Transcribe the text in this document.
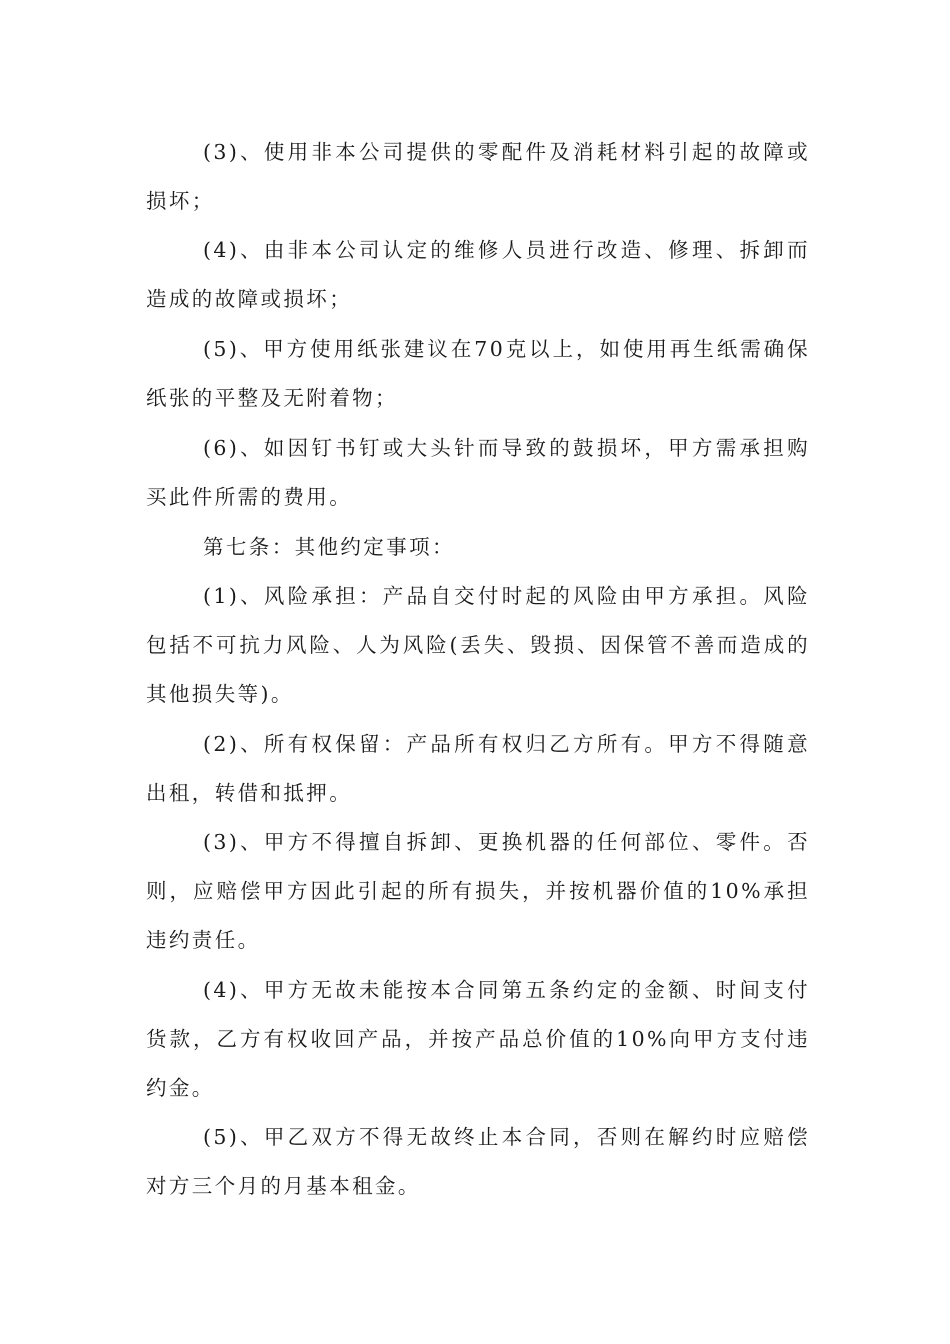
(3)、使用非本公司提供的零配件及消耗材料引起的故障或损坏；

(4)、由非本公司认定的维修人员进行改造、修理、拆卸而造成的故障或损坏；

(5)、甲方使用纸张建议在70克以上，如使用再生纸需确保纸张的平整及无附着物；

(6)、如因钉书钉或大头针而导致的鼓损坏，甲方需承担购买此件所需的费用。

第七条：其他约定事项：

(1)、风险承担：产品自交付时起的风险由甲方承担。风险包括不可抗力风险、人为风险(丢失、毁损、因保管不善而造成的其他损失等)。

(2)、所有权保留：产品所有权归乙方所有。甲方不得随意出租，转借和抵押。

(3)、甲方不得擅自拆卸、更换机器的任何部位、零件。否则，应赔偿甲方因此引起的所有损失，并按机器价值的10%承担违约责任。

(4)、甲方无故未能按本合同第五条约定的金额、时间支付货款，乙方有权收回产品，并按产品总价值的10%向甲方支付违约金。

(5)、甲乙双方不得无故终止本合同，否则在解约时应赔偿对方三个月的月基本租金。
